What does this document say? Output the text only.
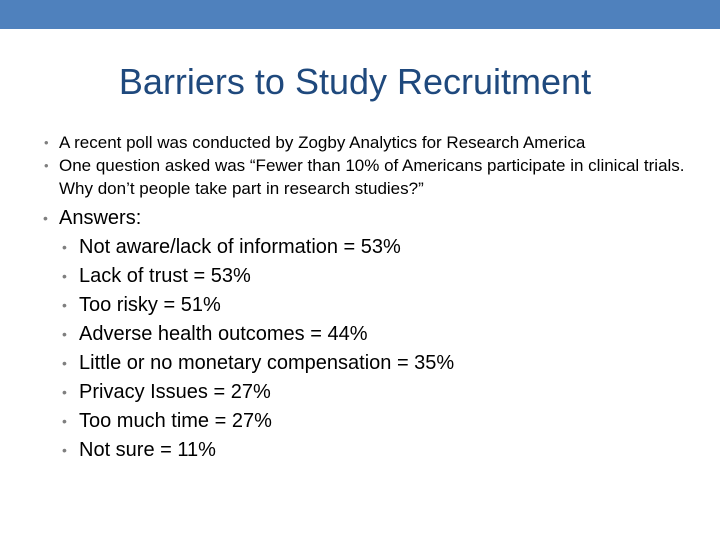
Barriers to Study Recruitment
• A recent poll was conducted by Zogby Analytics for Research America
• One question asked was “Fewer than 10% of Americans participate in clinical trials. Why don’t people take part in research studies?”
• Answers:
• Not aware/lack of information = 53%
• Lack of trust = 53%
• Too risky = 51%
• Adverse health outcomes = 44%
• Little or no monetary compensation = 35%
• Privacy Issues = 27%
• Too much time = 27%
• Not sure = 11%
